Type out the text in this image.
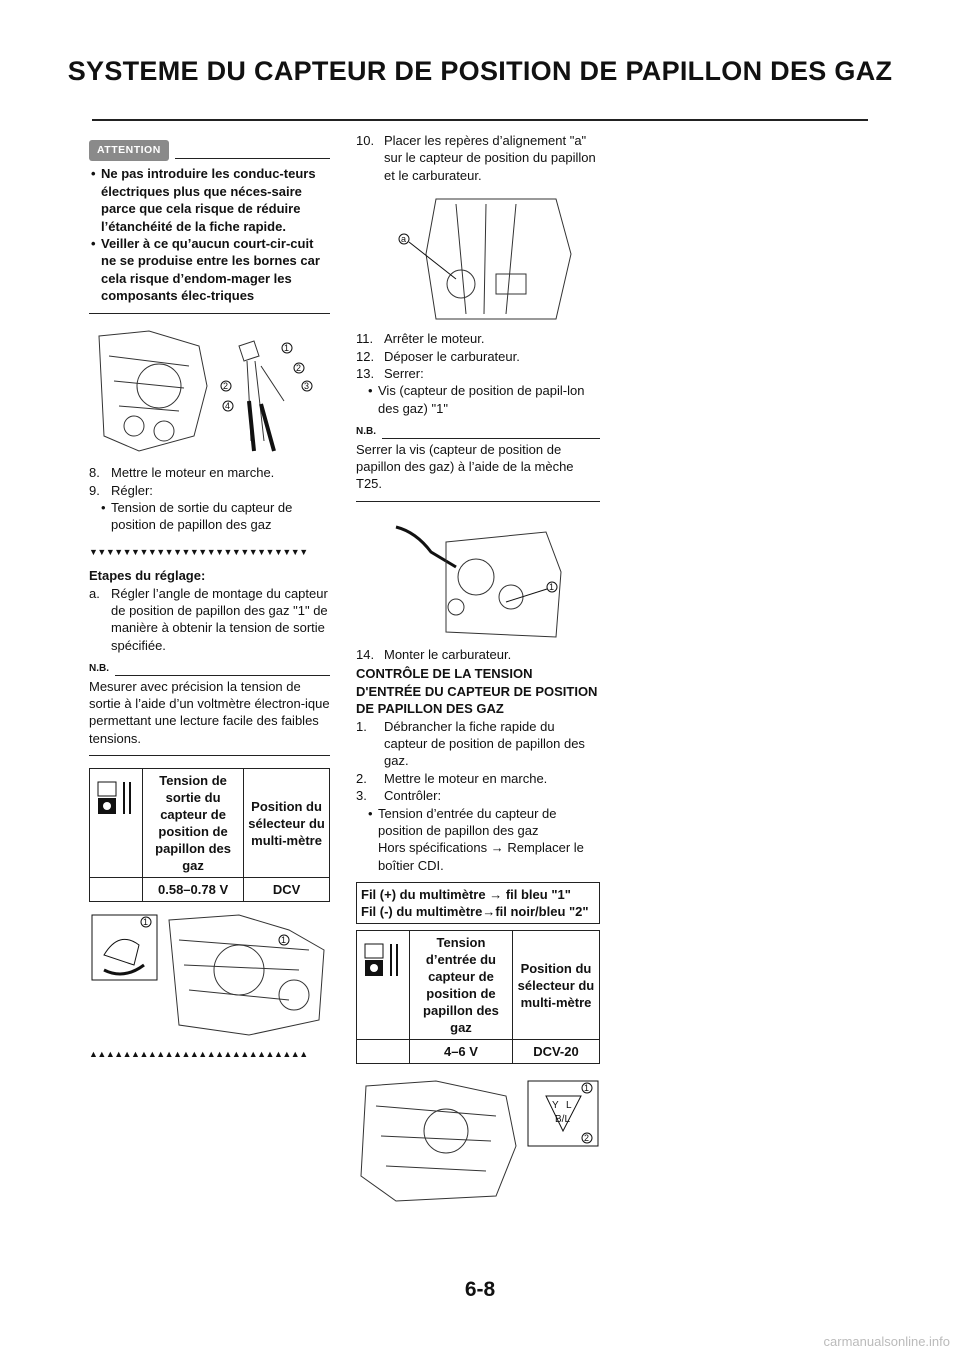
SYSTEME DU CAPTEUR DE POSITION DE PAPILLON DES GAZ
ATTENTION
• Ne pas introduire les conduc-teurs électriques plus que néces-saire parce que cela risque de réduire l’étanchéité de la fiche rapide.
• Veiller à ce qu’aucun court-cir-cuit ne se produise entre les bornes car cela risque d’endom-mager les composants élec-triques
1
2
2
3
4
8. Mettre le moteur en marche.
9. Régler:
• Tension de sortie du capteur de position de papillon des gaz
▼▼▼▼▼▼▼▼▼▼▼▼▼▼▼▼▼▼▼▼▼▼▼▼▼▼
Etapes du réglage:
a. Régler l’angle de montage du capteur de position de papillon des gaz "1" de manière à obtenir la tension de sortie spécifiée.
N.B.
Mesurer avec précision la tension de sortie à l’aide d’un voltmètre électron-ique permettant une lecture facile des faibles tensions.
	Tension de sortie du capteur de position de papillon des gaz	Position du sélecteur du multi-mètre
	0.58–0.78 V	DCV
1
1
▲▲▲▲▲▲▲▲▲▲▲▲▲▲▲▲▲▲▲▲▲▲▲▲▲▲
10. Placer les repères d’alignement "a" sur le capteur de position du papillon et le carburateur.
a
11. Arrêter le moteur.
12. Déposer le carburateur.
13. Serrer:
• Vis (capteur de position de papil-lon des gaz) "1"
N.B.
Serrer la vis (capteur de position de papillon des gaz) à l’aide de la mèche T25.
1
14. Monter le carburateur.
CONTRÔLE DE LA TENSION D'ENTRÉE DU CAPTEUR DE POSITION DE PAPILLON DES GAZ
1.	Débrancher la fiche rapide du capteur de position de papillon des gaz.
2.	Mettre le moteur en marche.
3.	Contrôler:
• Tension d’entrée du capteur de position de papillon des gaz
Hors spécifications → Remplacer le boîtier CDI.
Fil (+) du multimètre → fil bleu "1"
Fil (-) du multimètre→fil noir/bleu "2"
	Tension d’entrée du capteur de position de papillon des gaz	Position du sélecteur du multi-mètre
	4–6 V	DCV-20
Y L
B/L
1
2
6-8
carmanualsonline.info
